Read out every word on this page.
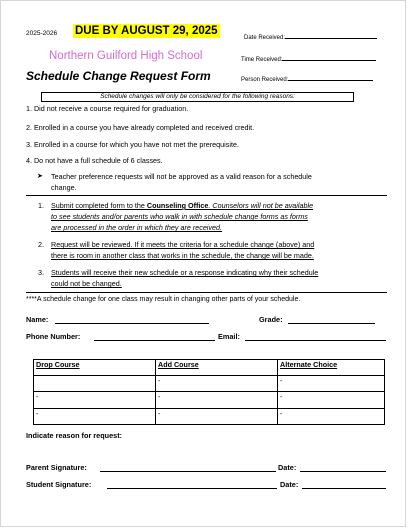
2025-2026 DUE BY AUGUST 29, 2025
Northern Guilford High School
Schedule Change Request Form
Date Received:
Time Received:
Person Received:
Schedule changes will only be considered for the following reasons:
1. Did not receive a course required for graduation.
2. Enrolled in a course you have already completed and received credit.
3. Enrolled in a course for which you have not met the prerequisite.
4. Do not have a full schedule of 6 classes.
➤ Teacher preference requests will not be approved as a valid reason for a schedule
change.
1. Submit completed form to the Counseling Office. Counselors will not be available
to see students and/or parents who walk in with schedule change forms as forms
are processed in the order in which they are received.
2. Request will be reviewed. If it meets the criteria for a schedule change (above) and
there is room in another class that works in the schedule, the change will be made.
3. Students will receive their new schedule or a response indicating why their schedule
could not be changed.
****A schedule change for one class may result in changing other parts of your schedule.
Name:	Grade:
Phone Number:	Email:
Drop Course	Add Course	Alternate Choice
	-	-
-	-	-
-	-	-
Indicate reason for request:
Parent Signature:	Date:
Student Signature:	Date:
